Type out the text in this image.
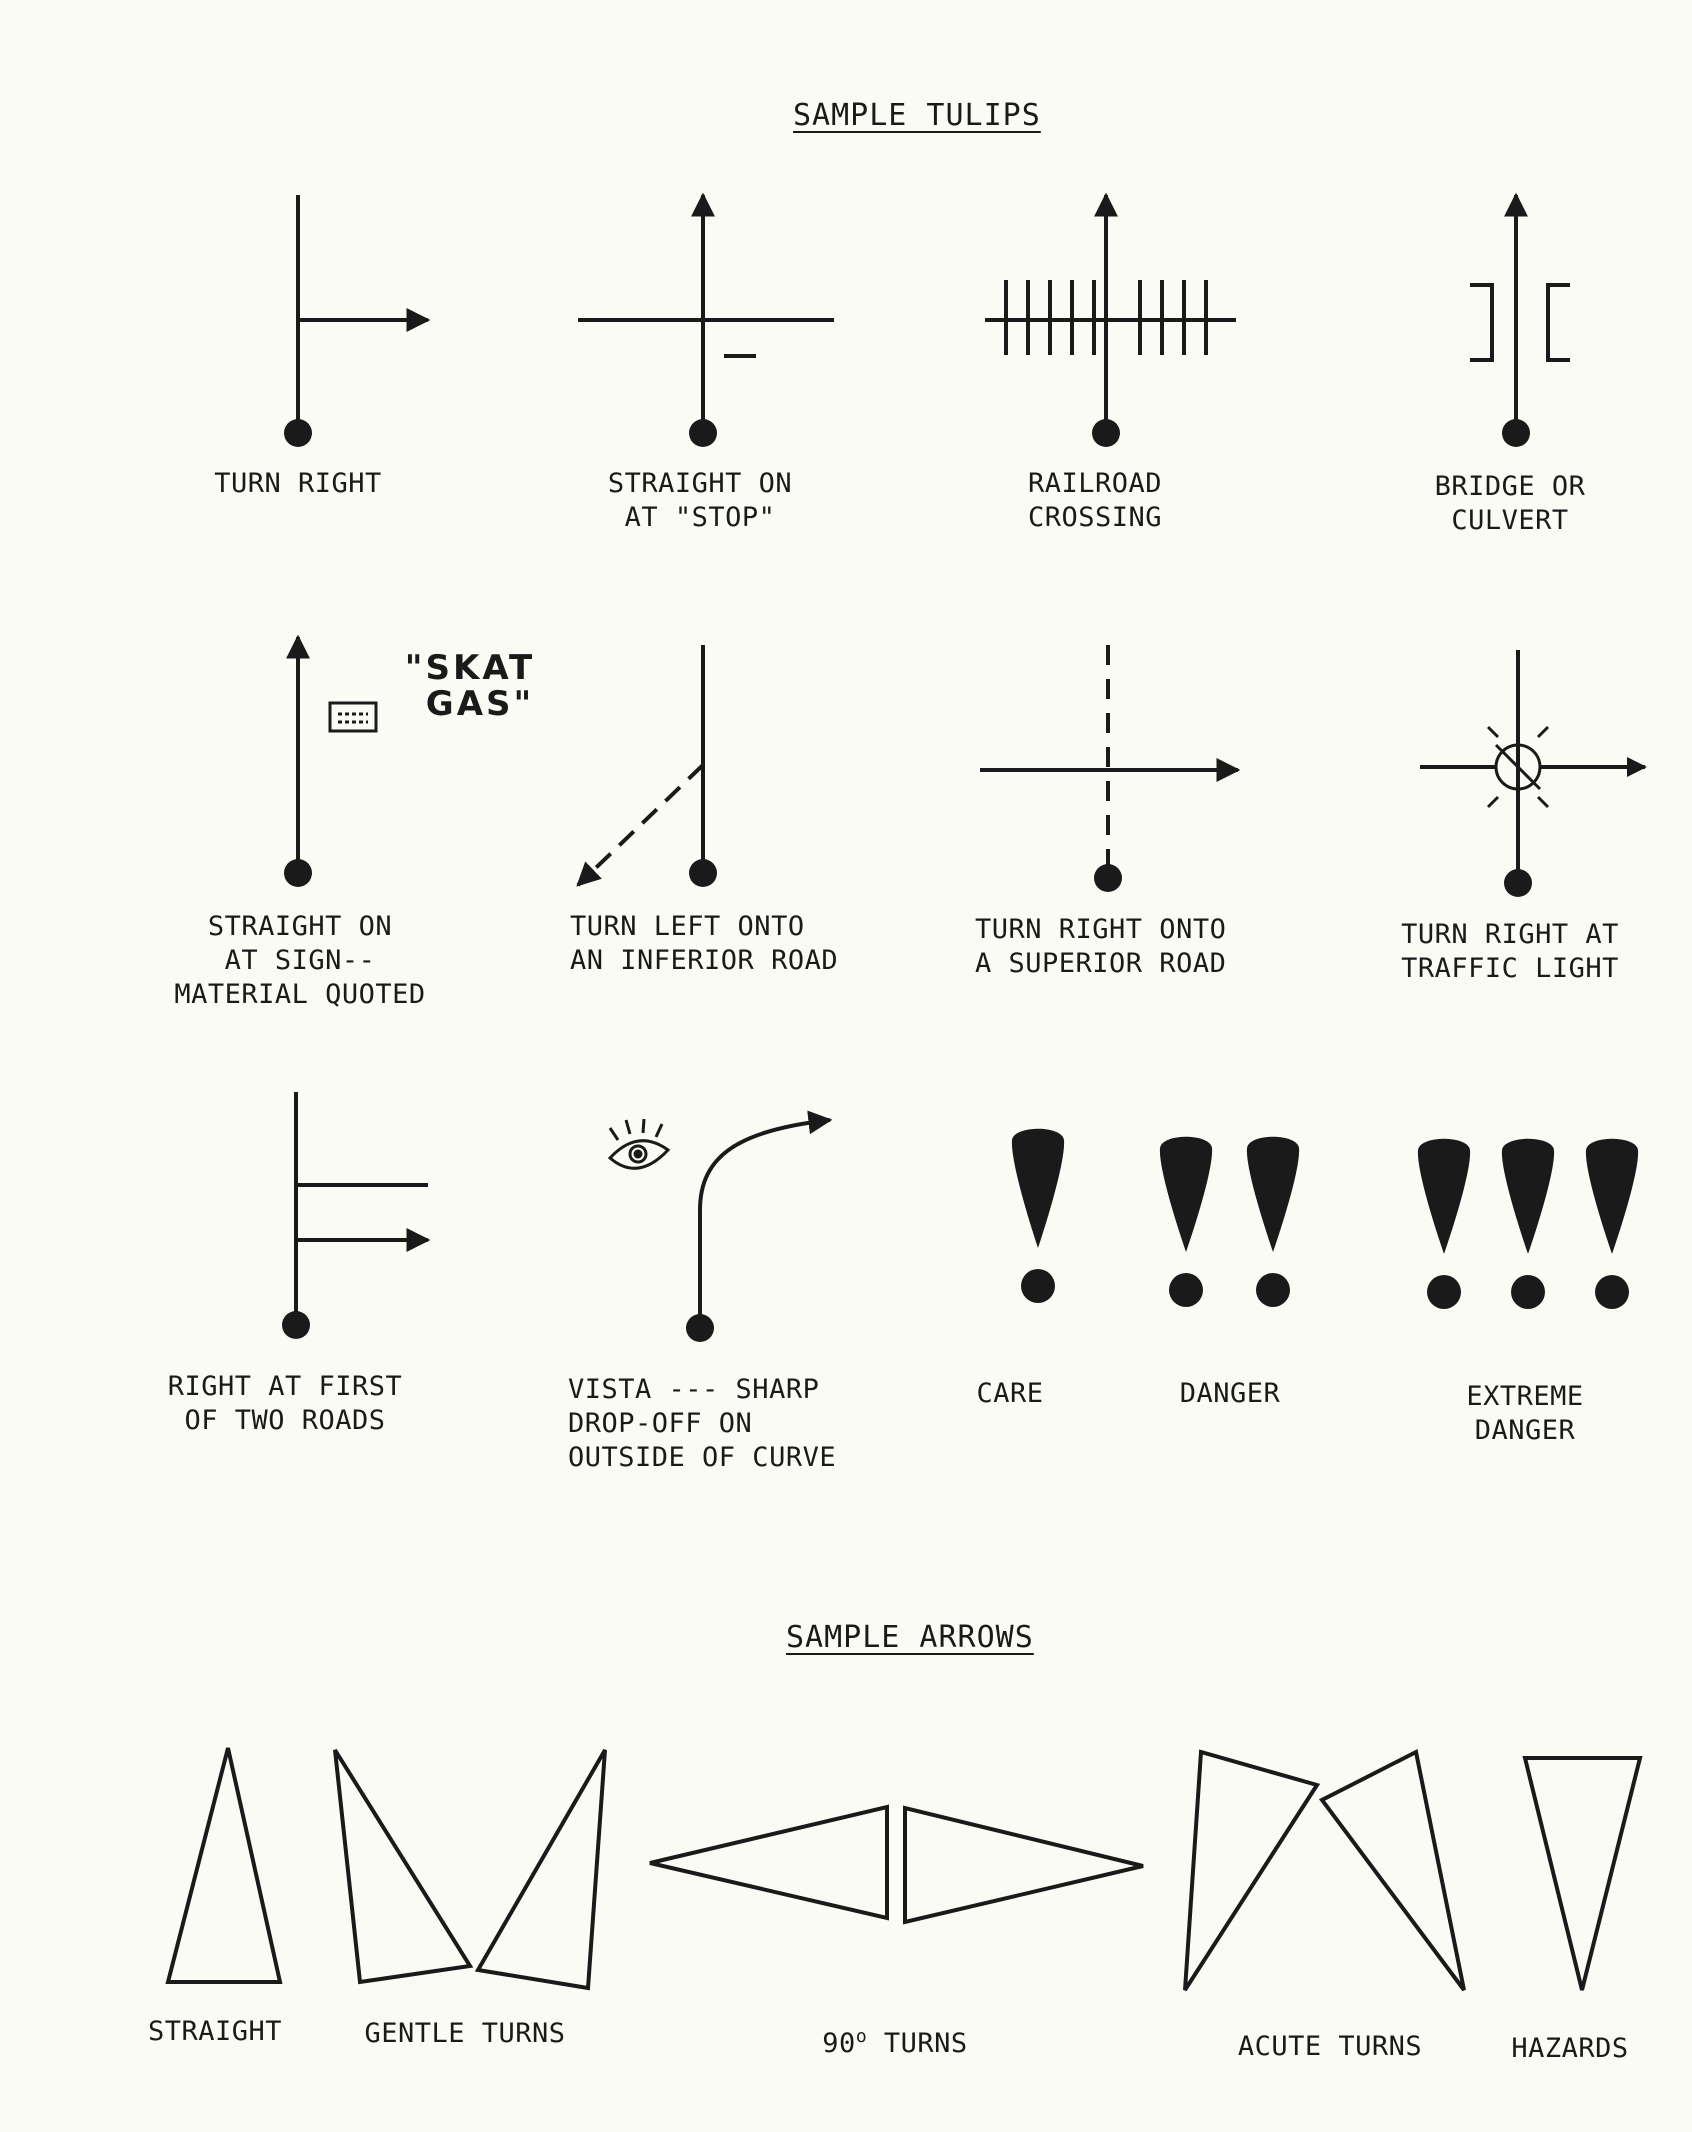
SAMPLE TULIPS
"SKAT
GAS"
TURN RIGHT	STRAIGHT ON
AT "STOP"
RAILROAD
CROSSING
BRIDGE OR
CULVERT
STRAIGHT ON
AT SIGN--
MATERIAL QUOTED
TURN LEFT ONTO
AN INFERIOR ROAD
TURN RIGHT ONTO
A SUPERIOR ROAD
TURN RIGHT AT
TRAFFIC LIGHT
RIGHT AT FIRST
OF TWO ROADS
VISTA --- SHARP
DROP-OFF ON
OUTSIDE OF CURVE
CARE	DANGER	EXTREME
DANGER
SAMPLE ARROWS
STRAIGHT	GENTLE TURNS	90$^o$ TURNS	ACUTE TURNS	HAZARDS
